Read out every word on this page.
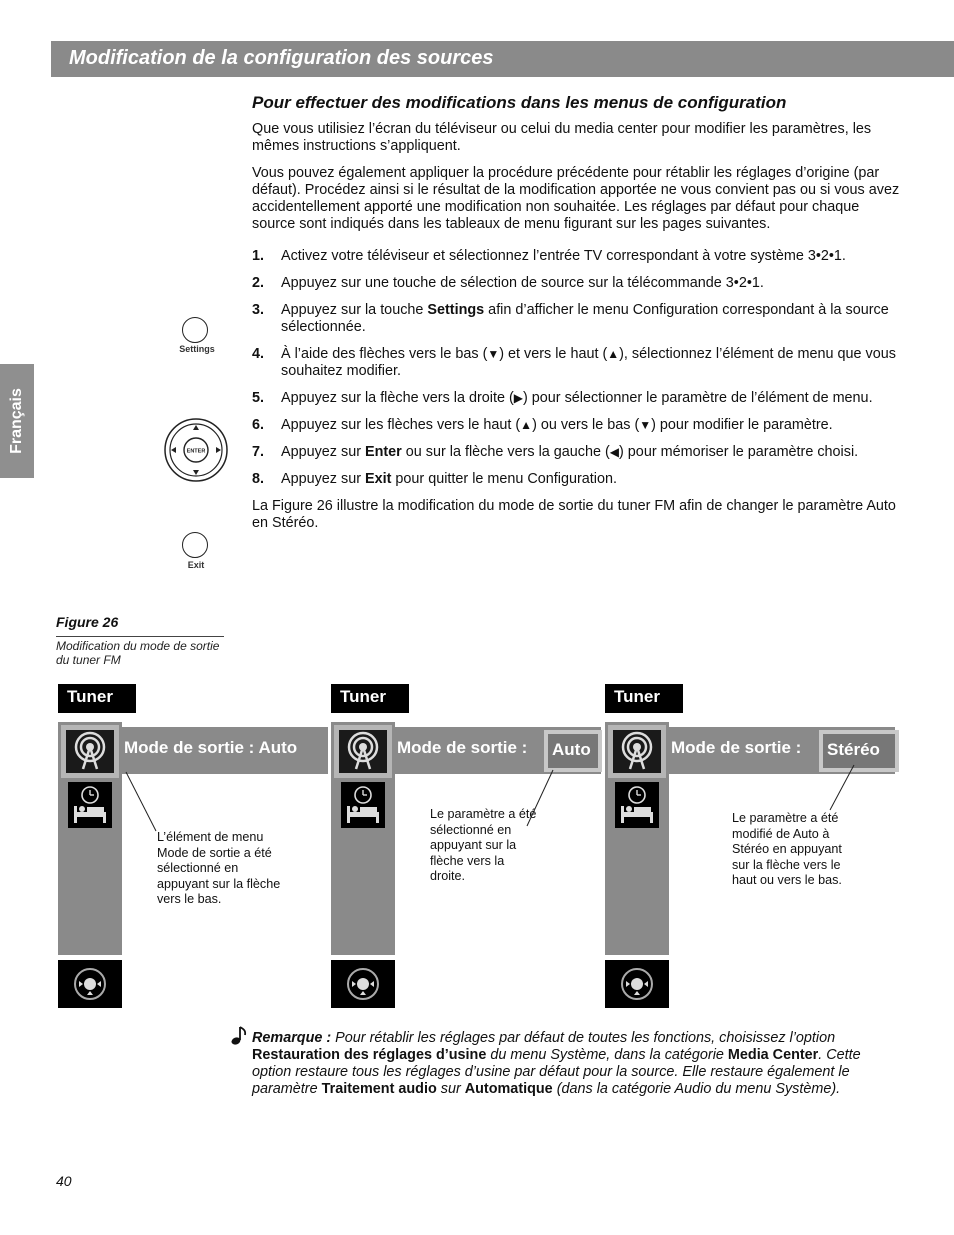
Modification de la configuration des sources
Français
Settings
ENTER
Exit
Pour effectuer des modifications dans les menus de configuration

Que vous utilisiez l’écran du téléviseur ou celui du media center pour modifier les paramètres, les mêmes instructions s’appliquent.

Vous pouvez également appliquer la procédure précédente pour rétablir les réglages d’origine (par défaut). Procédez ainsi si le résultat de la modification apportée ne vous convient pas ou si vous avez accidentellement apporté une modification non souhaitée. Les réglages par défaut pour chaque source sont indiqués dans les tableaux de menu figurant sur les pages suivantes.

1. Activez votre téléviseur et sélectionnez l’entrée TV correspondant à votre système 3•2•1.
2. Appuyez sur une touche de sélection de source sur la télécommande 3•2•1.
3. Appuyez sur la touche Settings afin d’afficher le menu Configuration correspondant à la source sélectionnée.
4. À l’aide des flèches vers le bas (▼) et vers le haut (▲), sélectionnez l’élément de menu que vous souhaitez modifier.
5. Appuyez sur la flèche vers la droite (▶) pour sélectionner le paramètre de l’élément de menu.
6. Appuyez sur les flèches vers le haut (▲) ou vers le bas (▼) pour modifier le paramètre.
7. Appuyez sur Enter ou sur la flèche vers la gauche (◀) pour mémoriser le paramètre choisi.
8. Appuyez sur Exit pour quitter le menu Configuration.

La Figure 26 illustre la modification du mode de sortie du tuner FM afin de changer le paramètre Auto en Stéréo.

Figure 26
Modification du mode de sortie du tuner FM
Tuner
Mode de sortie : Auto
L’élément de menu Mode de sortie a été sélectionné en appuyant sur la flèche vers le bas.
Tuner
Mode de sortie :	Auto
Le paramètre a été sélectionné en appuyant sur la flèche vers la droite.
Tuner
Mode de sortie :	Stéréo
Le paramètre a été modifié de Auto à Stéréo en appuyant sur la flèche vers le haut ou vers le bas.

Remarque : Pour rétablir les réglages par défaut de toutes les fonctions, choisissez l’option Restauration des réglages d’usine du menu Système, dans la catégorie Media Center. Cette option restaure tous les réglages d’usine par défaut pour la source. Elle restaure également le paramètre Traitement audio sur Automatique (dans la catégorie Audio du menu Système).

40
